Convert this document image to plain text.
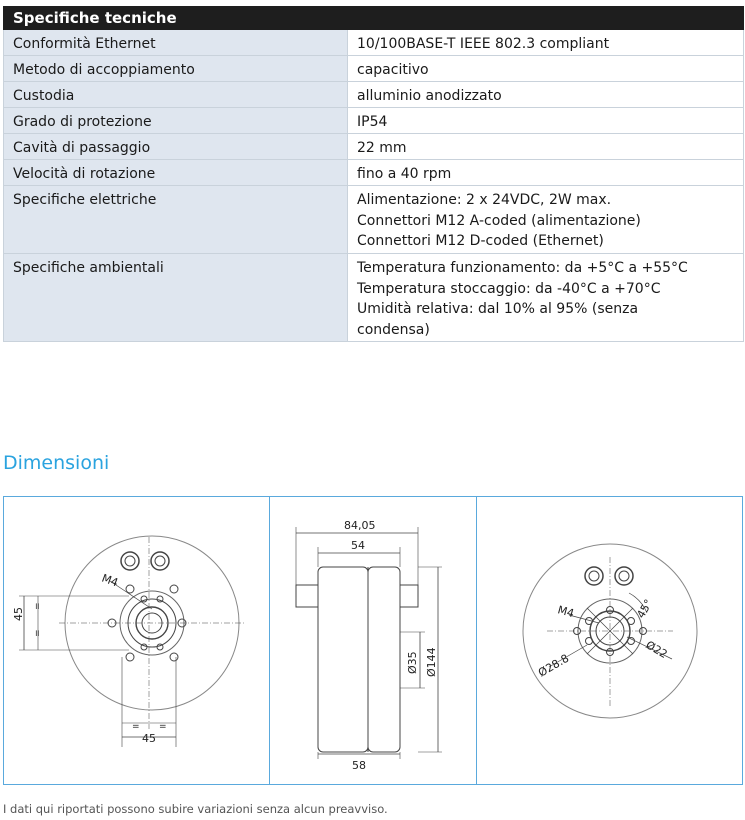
Specifiche tecniche
Conformità Ethernet	10/100BASE-T IEEE 802.3 compliant
Metodo di accoppiamento	capacitivo
Custodia	alluminio anodizzato
Grado di protezione	IP54
Cavità di passaggio	22 mm
Velocità di rotazione	fino a 40 rpm
Specifiche elettriche	Alimentazione: 2 x 24VDC, 2W max.
Connettori M12 A-coded (alimentazione)
Connettori M12 D-coded (Ethernet)
Specifiche ambientali	Temperatura funzionamento: da +5°C a +55°C
Temperatura stoccaggio: da -40°C a +70°C
Umidità relativa: dal 10% al 95% (senza
condensa)
Dimensioni
M4
45
=
=
45
= =
84,05
54
58
Ø35 Ø144
M4	45°
Ø28.8
Ø22
I dati qui riportati possono subire variazioni senza alcun preavviso.
